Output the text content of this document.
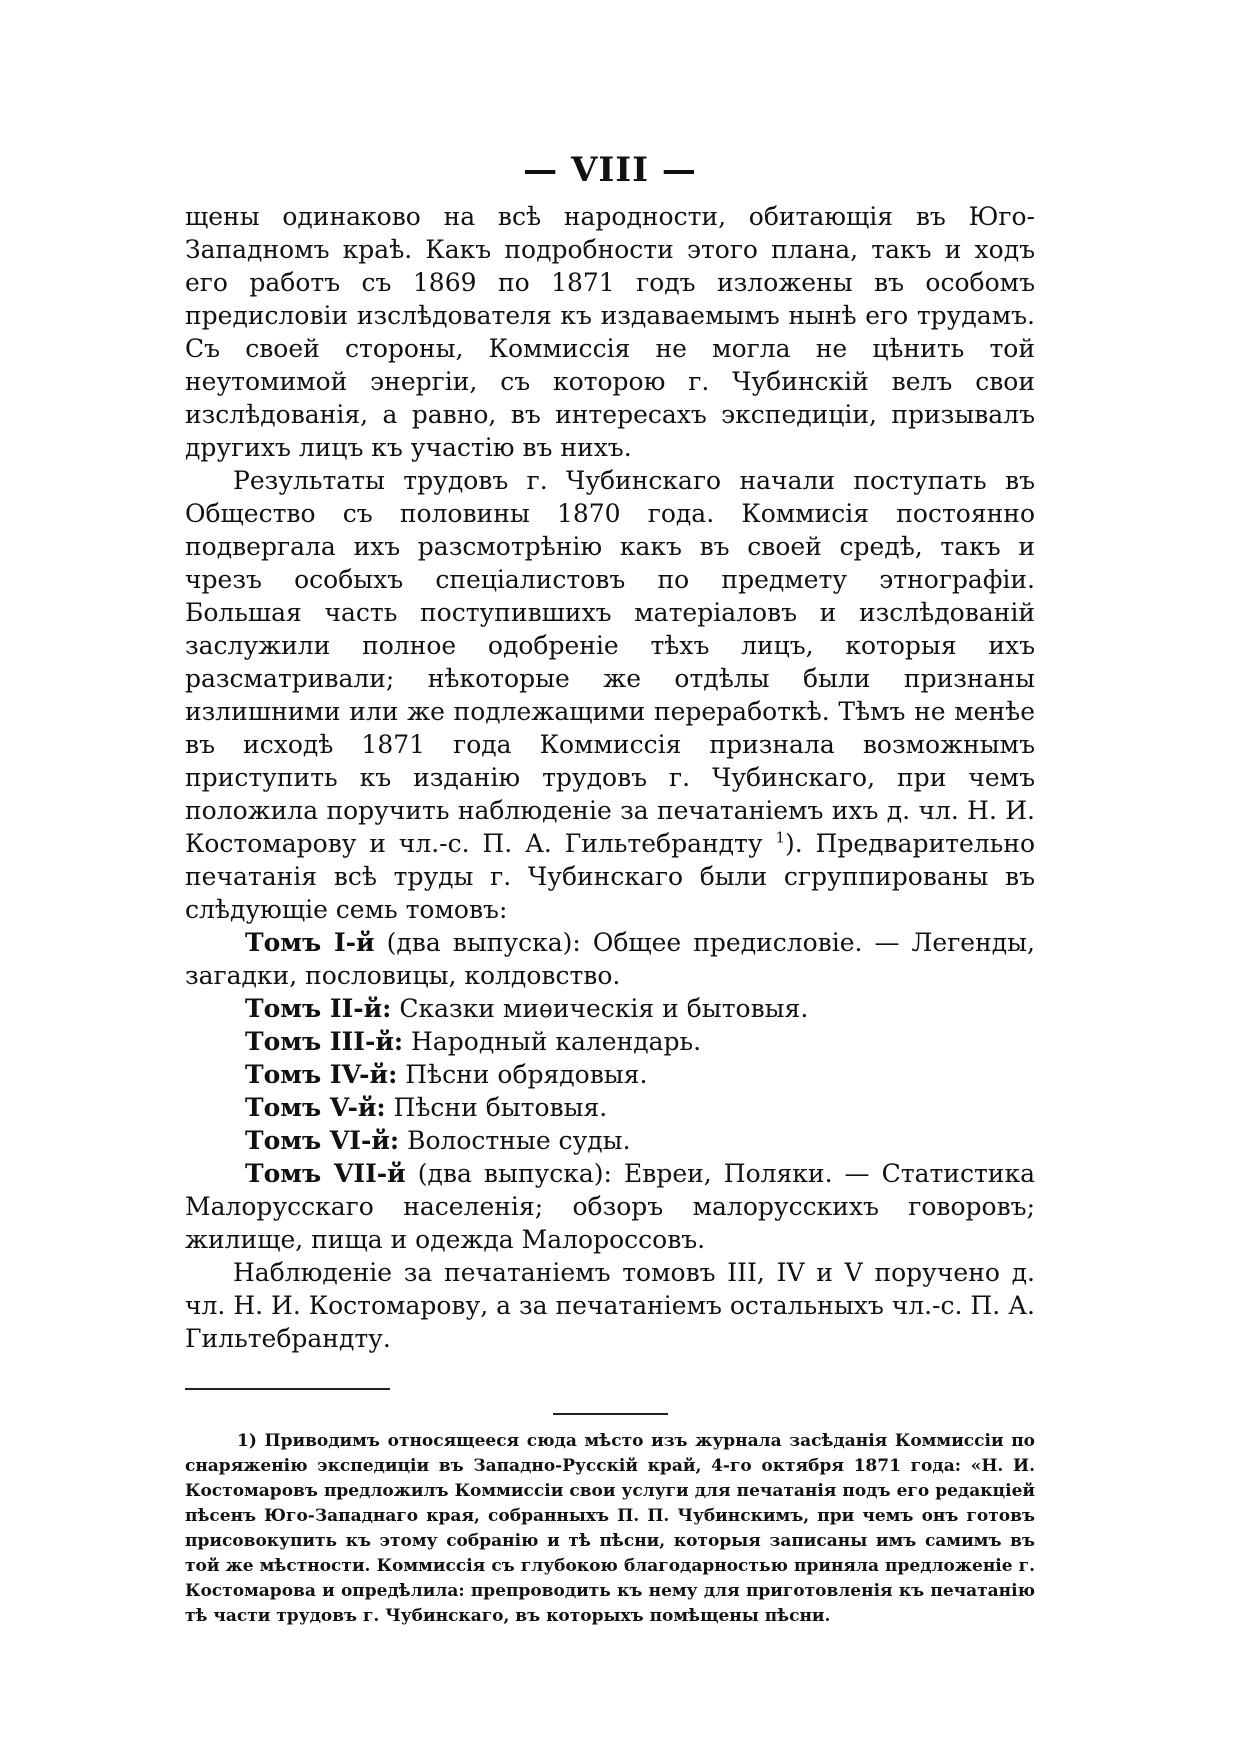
— VIII —

щены одинаково на всѣ народности, обитающія въ Юго-Западномъ краѣ. Какъ подробности этого плана, такъ и ходъ его работъ съ 1869 по 1871 годъ изложены въ особомъ предисловіи изслѣдователя къ издаваемымъ нынѣ его трудамъ. Съ своей стороны, Коммиссія не могла не цѣнить той неутомимой энергіи, съ которою г. Чубинскій велъ свои изслѣдованія, а равно, въ интересахъ экспедиціи, призывалъ другихъ лицъ къ участію въ нихъ.

Результаты трудовъ г. Чубинскаго начали поступать въ Общество съ половины 1870 года. Коммисія постоянно подвергала ихъ разсмотрѣнію какъ въ своей средѣ, такъ и чрезъ особыхъ спеціалистовъ по предмету этнографіи. Большая часть поступившихъ матеріаловъ и изслѣдованій заслужили полное одобреніе тѣхъ лицъ, которыя ихъ разсматривали; нѣкоторые же отдѣлы были признаны излишними или же подлежащими переработкѣ. Тѣмъ не менѣе въ исходѣ 1871 года Коммиссія признала возможнымъ приступить къ изданію трудовъ г. Чубинскаго, при чемъ положила поручить наблюденіе за печатаніемъ ихъ д. чл. Н. И. Костомарову и чл.-с. П. А. Гильтебрандту $^1$). Предварительно печатанія всѣ труды г. Чубинскаго были сгруппированы въ слѣдующіе семь томовъ:

Томъ I-й (два выпуска): Общее предисловіе. — Легенды, загадки, пословицы, колдовство.
Томъ II-й: Сказки миѳическія и бытовыя.
Томъ III-й: Народный календарь.
Томъ IV-й: Пѣсни обрядовыя.
Томъ V-й: Пѣсни бытовыя.
Томъ VI-й: Волостные суды.
Томъ VII-й (два выпуска): Евреи, Поляки. — Статистика Малорусскаго населенія; обзоръ малорусскихъ говоровъ; жилище, пища и одежда Малороссовъ.

Наблюденіе за печатаніемъ томовъ III, IV и V поручено д. чл. Н. И. Костомарову, а за печатаніемъ остальныхъ чл.-с. П. А. Гильтебрандту.

1) Приводимъ относящееся сюда мѣсто изъ журнала засѣданія Коммиссіи по снаряженію экспедиціи въ Западно-Русскій край, 4-го октября 1871 года: «Н. И. Костомаровъ предложилъ Коммиссіи свои услуги для печатанія подъ его редакціей пѣсенъ Юго-Западнаго края, собранныхъ П. П. Чубинскимъ, при чемъ онъ готовъ присовокупить къ этому собранію и тѣ пѣсни, которыя записаны имъ самимъ въ той же мѣстности. Коммиссія съ глубокою благодарностью приняла предложеніе г. Костомарова и опредѣлила: препроводить къ нему для приготовленія къ печатанію тѣ части трудовъ г. Чубинскаго, въ которыхъ помѣщены пѣсни.
